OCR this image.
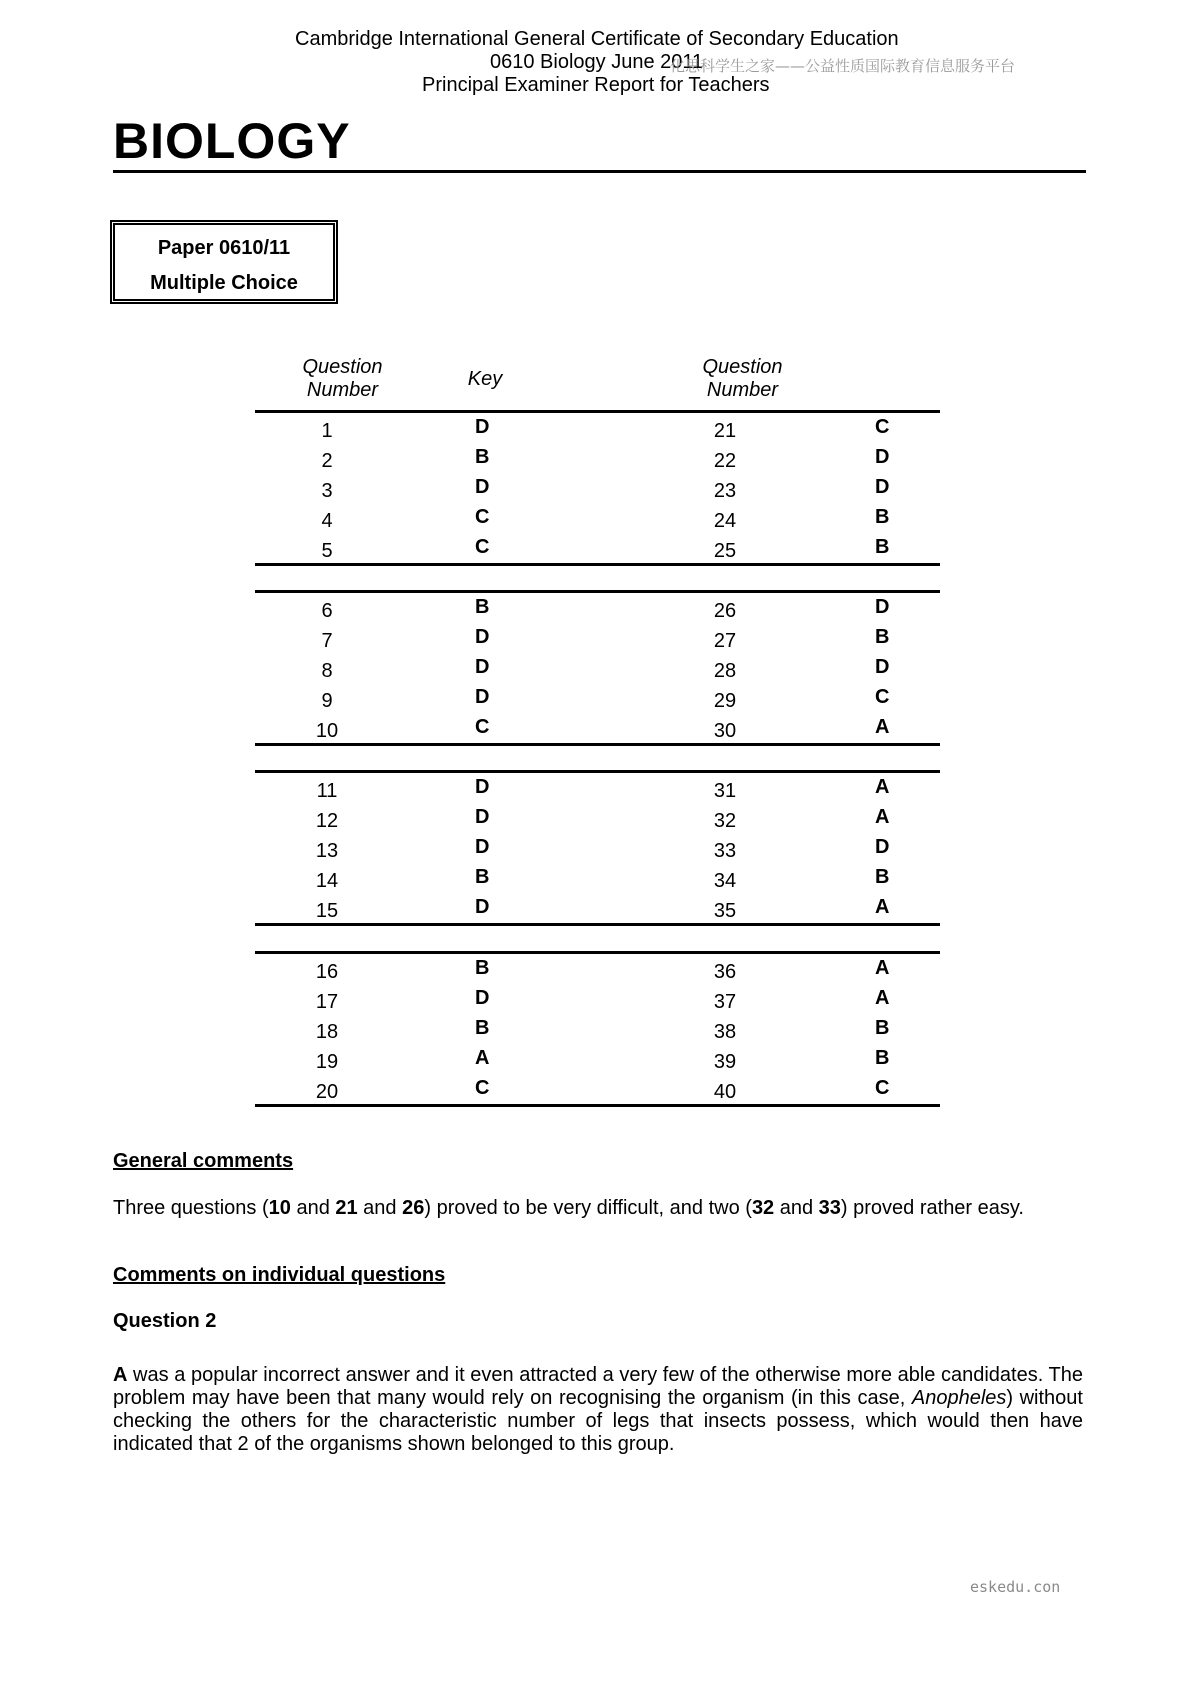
Cambridge International General Certificate of Secondary Education
0610 Biology June 2011
Principal Examiner Report for Teachers
化思科学生之家——公益性质国际教育信息服务平台
BIOLOGY
Paper 0610/11
Multiple Choice
Question
Number	Key
Question
Number
1	D	21	C
2	B	22	D
3	D	23	D
4	C	24	B
5	C	25	B
6	B	26	D
7	D	27	B
8	D	28	D
9	D	29	C
10	C	30	A
11	D	31	A
12	D	32	A
13	D	33	D
14	B	34	B
15	D	35	A
16	B	36	A
17	D	37	A
18	B	38	B
19	A	39	B
20	C	40	C
General comments
Three questions (10 and 21 and 26) proved to be very difficult, and two (32 and 33) proved rather easy.
Comments on individual questions
Question 2
A was a popular incorrect answer and it even attracted a very few of the otherwise more able candidates. The problem may have been that many would rely on recognising the organism (in this case, Anopheles) without checking the others for the characteristic number of legs that insects possess, which would then have indicated that 2 of the organisms shown belonged to this group.
eskedu.con
